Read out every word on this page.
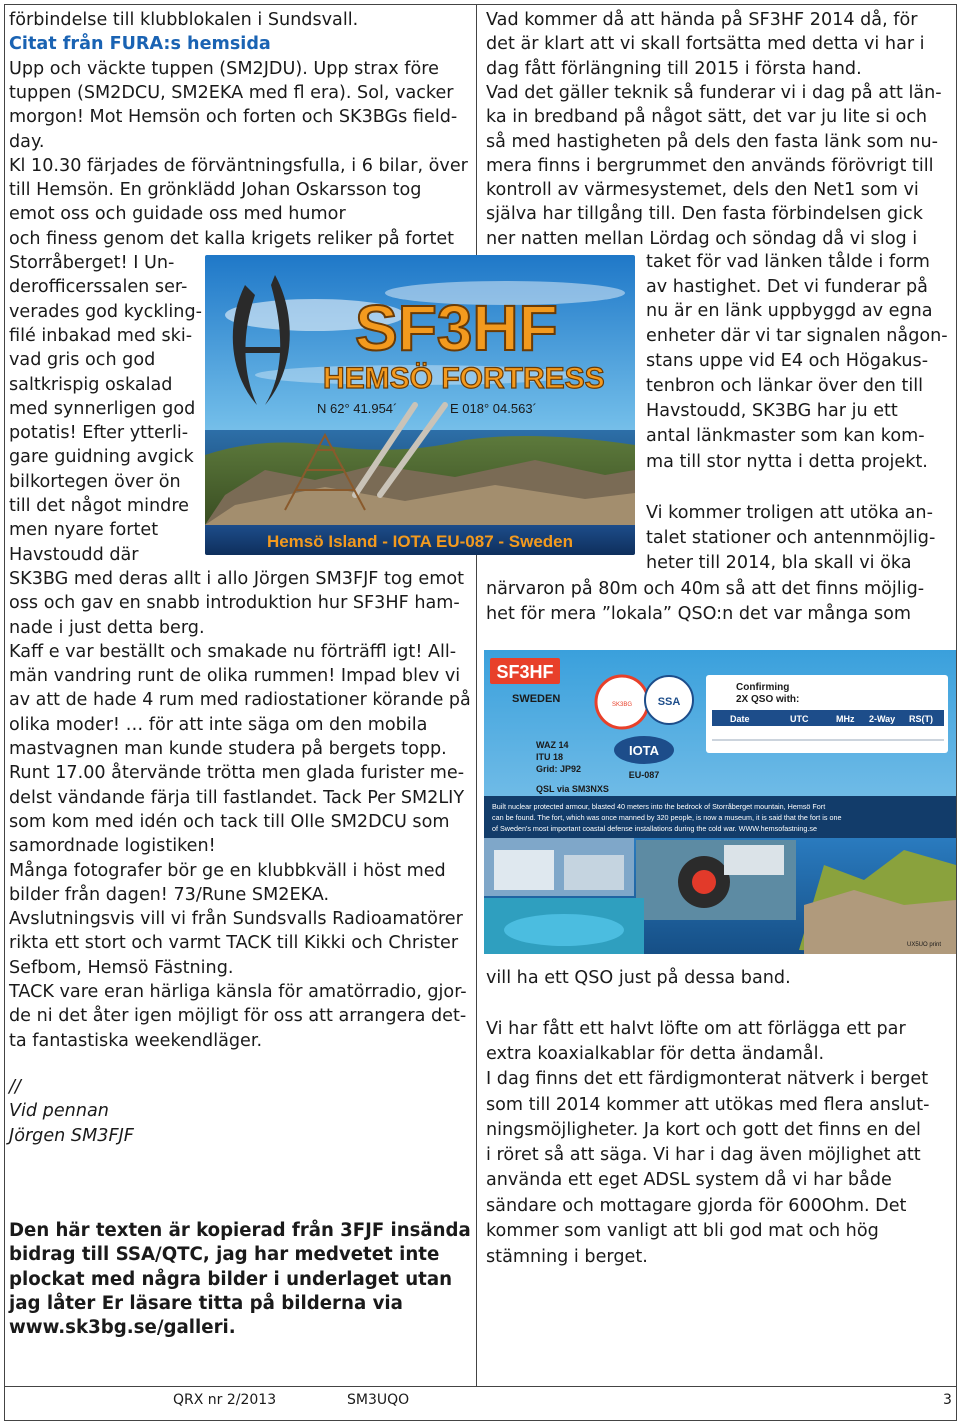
förbindelse till klubblokalen i Sundsvall.
Citat från FURA:s hemsida
Upp och väckte tuppen (SM2JDU). Upp strax före
tuppen (SM2DCU, SM2EKA med fl era). Sol, vacker
morgon! Mot Hemsön och forten och SK3BGs field-
day.
Kl 10.30 färjades de förväntningsfulla, i 6 bilar, över
till Hemsön. En grönklädd Johan Oskarsson tog
emot oss och guidade oss med humor
och finess genom det kalla krigets reliker på fortet
Storråberget! I Un-
derofficerssalen ser-
verades god kyckling-
filé inbakad med ski-
vad gris och god
saltkrispig oskalad
med synnerligen god
potatis! Efter ytterli-
gare guidning avgick
bilkortegen över ön
till det något mindre
men nyare fortet
Havstoudd där
SK3BG med deras allt i allo Jörgen SM3FJF tog emot
oss och gav en snabb introduktion hur SF3HF ham-
nade i just detta berg.
Kaff e var beställt och smakade nu förträffl igt! All-
män vandring runt de olika rummen! Impad blev vi
av att de hade 4 rum med radiostationer körande på
olika moder! … för att inte säga om den mobila
mastvagnen man kunde studera på bergets topp.
Runt 17.00 återvände trötta men glada furister me-
delst vändande färja till fastlandet. Tack Per SM2LIY
som kom med idén och tack till Olle SM2DCU som
samordnade logistiken!
Många fotografer bör ge en klubbkväll i höst med
bilder från dagen! 73/Rune SM2EKA.
Avslutningsvis vill vi från Sundsvalls Radioamatörer
rikta ett stort och varmt TACK till Kikki och Christer
Sefbom, Hemsö Fästning.
TACK vare eran härliga känsla för amatörradio, gjor-
de ni det åter igen möjligt för oss att arrangera det-
ta fantastiska weekendläger.
//
Vid pennan
Jörgen SM3FJF
Den här texten är kopierad från 3FJF insända
bidrag till SSA/QTC, jag har medvetet inte
plockat med några bilder i underlaget utan
jag låter Er läsare titta på bilderna via
www.sk3bg.se/galleri.
SF3HF
HEMSÖ FORTRESS
N 62° 41.954´	E 018° 04.563´
Hemsö Island - IOTA EU-087 - Sweden
Vad kommer då att hända på SF3HF 2014 då, för
det är klart att vi skall fortsätta med detta vi har i
dag fått förlängning till 2015 i första hand.
Vad det gäller teknik så funderar vi i dag på att län-
ka in bredband på något sätt, det var ju lite si och
så med hastigheten på dels den fasta länk som nu-
mera finns i bergrummet den används förövrigt till
kontroll av värmesystemet, dels den Net1 som vi
själva har tillgång till. Den fasta förbindelsen gick
ner natten mellan Lördag och söndag då vi slog i
taket för vad länken tålde i form
av hastighet. Det vi funderar på
nu är en länk uppbyggd av egna
enheter där vi tar signalen någon-
stans uppe vid E4 och Högakus-
tenbron och länkar över den till
Havstoudd, SK3BG har ju ett
antal länkmaster som kan kom-
ma till stor nytta i detta projekt.
Vi kommer troligen att utöka an-
talet stationer och antennmöjlig-
heter till 2014, bla skall vi öka
närvaron på 80m och 40m så att det finns möjlig-
het för mera ”lokala” QSO:n det var många som
vill ha ett QSO just på dessa band.
Vi har fått ett halvt löfte om att förlägga ett par
extra koaxialkablar för detta ändamål.
I dag finns det ett färdigmonterat nätverk i berget
som till 2014 kommer att utökas med flera anslut-
ningsmöjligheter. Ja kort och gott det finns en del
i röret så att säga. Vi har i dag även möjlighet att
använda ett eget ADSL system då vi har både
sändare och mottagare gjorda för 600Ohm. Det
kommer som vanligt att bli god mat och hög
stämning i berget.
SF3HF
SWEDEN	SK3BG SSA
Confirming
2X QSO with:
Date	UTC	MHz 2-Way RS(T)
WAZ 14
ITU 18
Grid: JP92
QSL via SM3NXS
IOTA
EU-087
Built nuclear protected armour, blasted 40 meters into the bedrock of Storråberget mountain, Hemsö Fort
can be found. The fort, which was once manned by 320 people, is now a museum, it is said that the fort is one
of Sweden's most important coastal defense installations during the cold war. WWW.hemsofastning.se
UX5UO print
QRX nr 2/2013	SM3UQO	3
